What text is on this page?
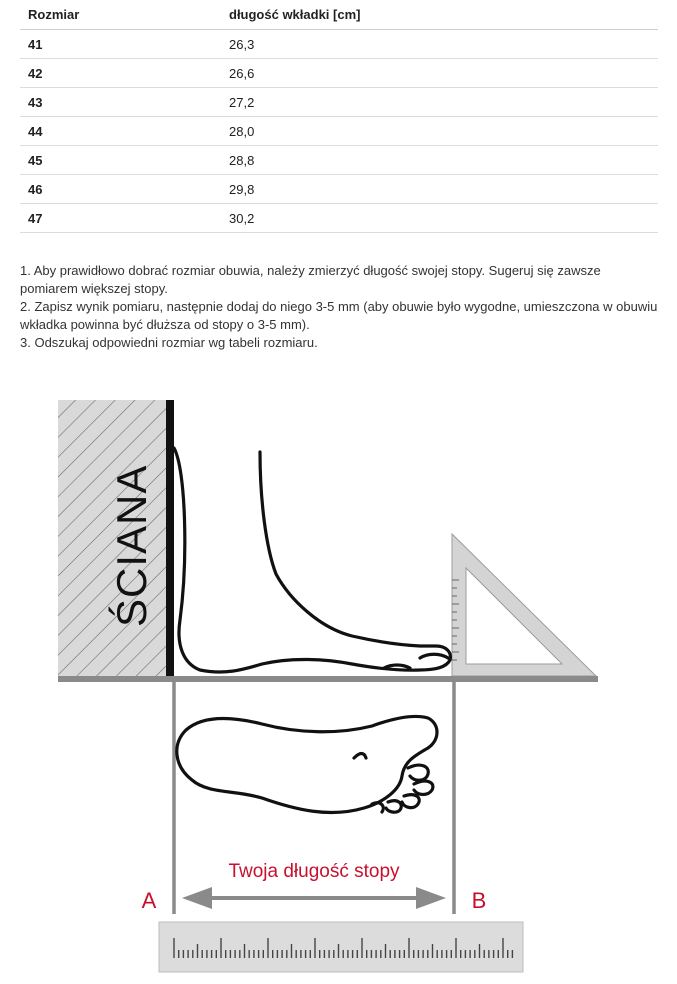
Rozmiar	długość wkładki [cm]
41	26,3
42	26,6
43	27,2
44	28,0
45	28,8
46	29,8
47	30,2

1. Aby prawidłowo dobrać rozmiar obuwia, należy zmierzyć długość swojej stopy. Sugeruj się zawsze pomiarem większej stopy.

2. Zapisz wynik pomiaru, następnie dodaj do niego 3-5 mm (aby obuwie było wygodne, umieszczona w obuwiu wkładka powinna być dłuższa od stopy o 3-5 mm).

3. Odszukaj odpowiedni rozmiar wg tabeli rozmiaru.

ŚCIANA
Twoja długość stopy
A	B
